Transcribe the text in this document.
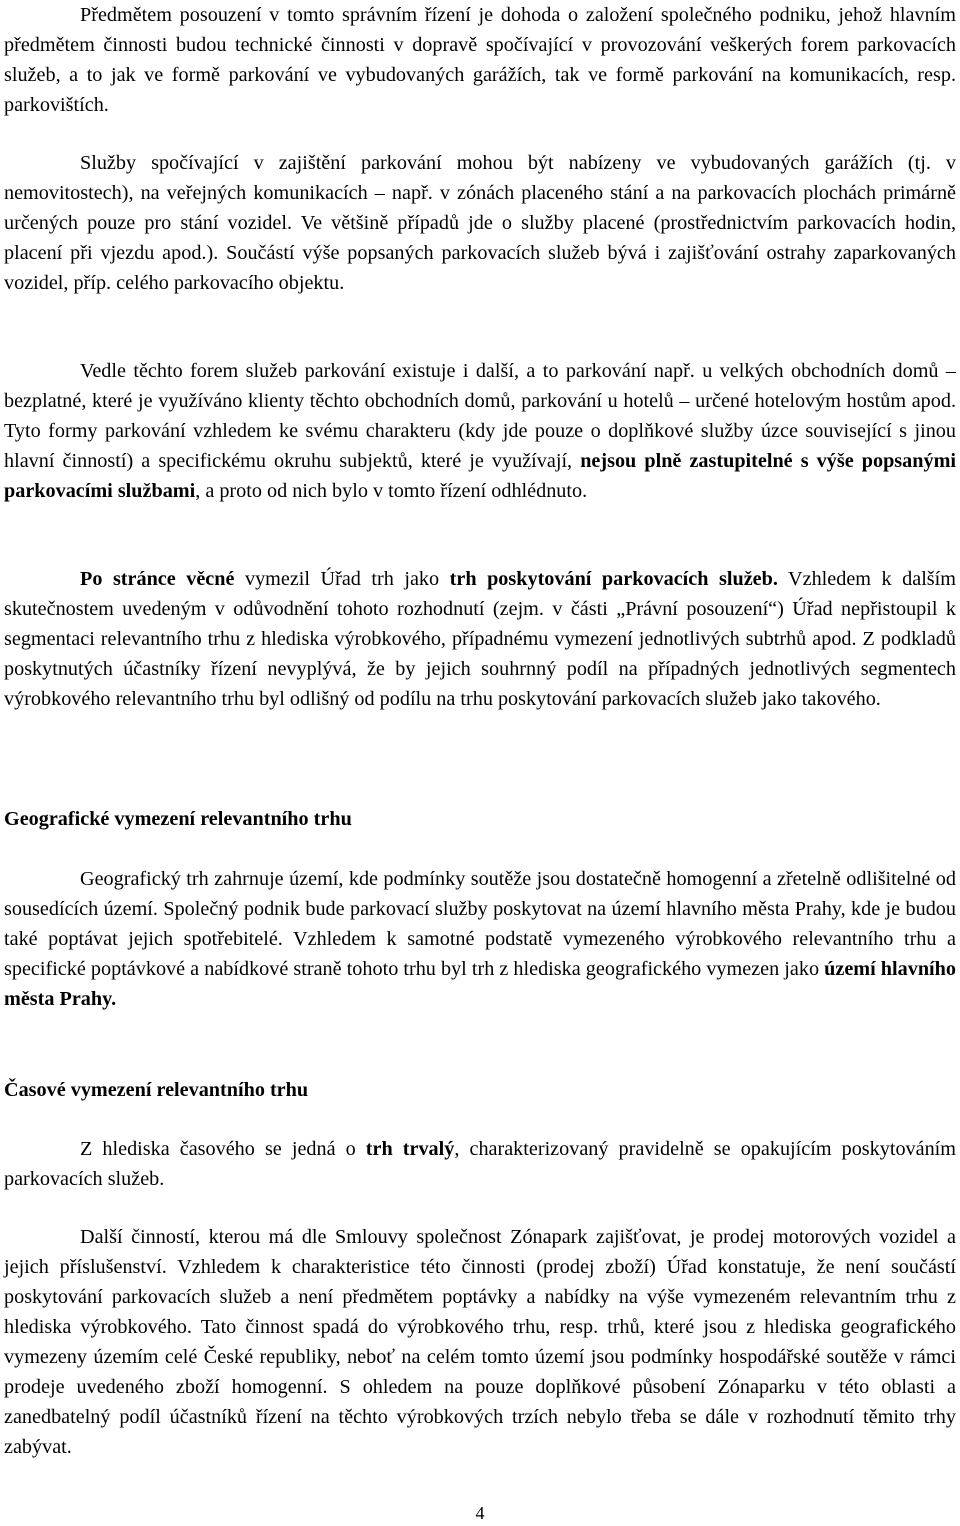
Předmětem posouzení v tomto správním řízení je dohoda o založení společného podniku, jehož hlavním předmětem činnosti budou technické činnosti v dopravě spočívající v provozování veškerých forem parkovacích služeb, a to jak ve formě parkování ve vybudovaných garážích, tak ve formě parkování na komunikacích, resp. parkovištích.

Služby spočívající v zajištění parkování mohou být nabízeny ve vybudovaných garážích (tj. v nemovitostech), na veřejných komunikacích – např. v zónách placeného stání a na parkovacích plochách primárně určených pouze pro stání vozidel. Ve většině případů jde o služby placené (prostřednictvím parkovacích hodin, placení při vjezdu apod.). Součástí výše popsaných parkovacích služeb bývá i zajišťování ostrahy zaparkovaných vozidel, příp. celého parkovacího objektu.

Vedle těchto forem služeb parkování existuje i další, a to parkování např. u velkých obchodních domů – bezplatné, které je využíváno klienty těchto obchodních domů, parkování u hotelů – určené hotelovým hostům apod. Tyto formy parkování vzhledem ke svému charakteru (kdy jde pouze o doplňkové služby úzce související s jinou hlavní činností) a specifickému okruhu subjektů, které je využívají, nejsou plně zastupitelné s výše popsanými parkovacími službami, a proto od nich bylo v tomto řízení odhlédnuto.

Po stránce věcné vymezil Úřad trh jako trh poskytování parkovacích služeb. Vzhledem k dalším skutečnostem uvedeným v odůvodnění tohoto rozhodnutí (zejm. v části „Právní posouzení“) Úřad nepřistoupil k segmentaci relevantního trhu z hlediska výrobkového, případnému vymezení jednotlivých subtrhů apod. Z podkladů poskytnutých účastníky řízení nevyplývá, že by jejich souhrnný podíl na případných jednotlivých segmentech výrobkového relevantního trhu byl odlišný od podílu na trhu poskytování parkovacích služeb jako takového.

Geografické vymezení relevantního trhu

Geografický trh zahrnuje území, kde podmínky soutěže jsou dostatečně homogenní a zřetelně odlišitelné od sousedících území. Společný podnik bude parkovací služby poskytovat na území hlavního města Prahy, kde je budou také poptávat jejich spotřebitelé. Vzhledem k samotné podstatě vymezeného výrobkového relevantního trhu a specifické poptávkové a nabídkové straně tohoto trhu byl trh z hlediska geografického vymezen jako území hlavního města Prahy.

Časové vymezení relevantního trhu

Z hlediska časového se jedná o trh trvalý, charakterizovaný pravidelně se opakujícím poskytováním parkovacích služeb.

Další činností, kterou má dle Smlouvy společnost Zónapark zajišťovat, je prodej motorových vozidel a jejich příslušenství. Vzhledem k charakteristice této činnosti (prodej zboží) Úřad konstatuje, že není součástí poskytování parkovacích služeb a není předmětem poptávky a nabídky na výše vymezeném relevantním trhu z hlediska výrobkového. Tato činnost spadá do výrobkového trhu, resp. trhů, které jsou z hlediska geografického vymezeny územím celé České republiky, neboť na celém tomto území jsou podmínky hospodářské soutěže v rámci prodeje uvedeného zboží homogenní. S ohledem na pouze doplňkové působení Zónaparku v této oblasti a zanedbatelný podíl účastníků řízení na těchto výrobkových trzích nebylo třeba se dále v rozhodnutí těmito trhy zabývat.

4
